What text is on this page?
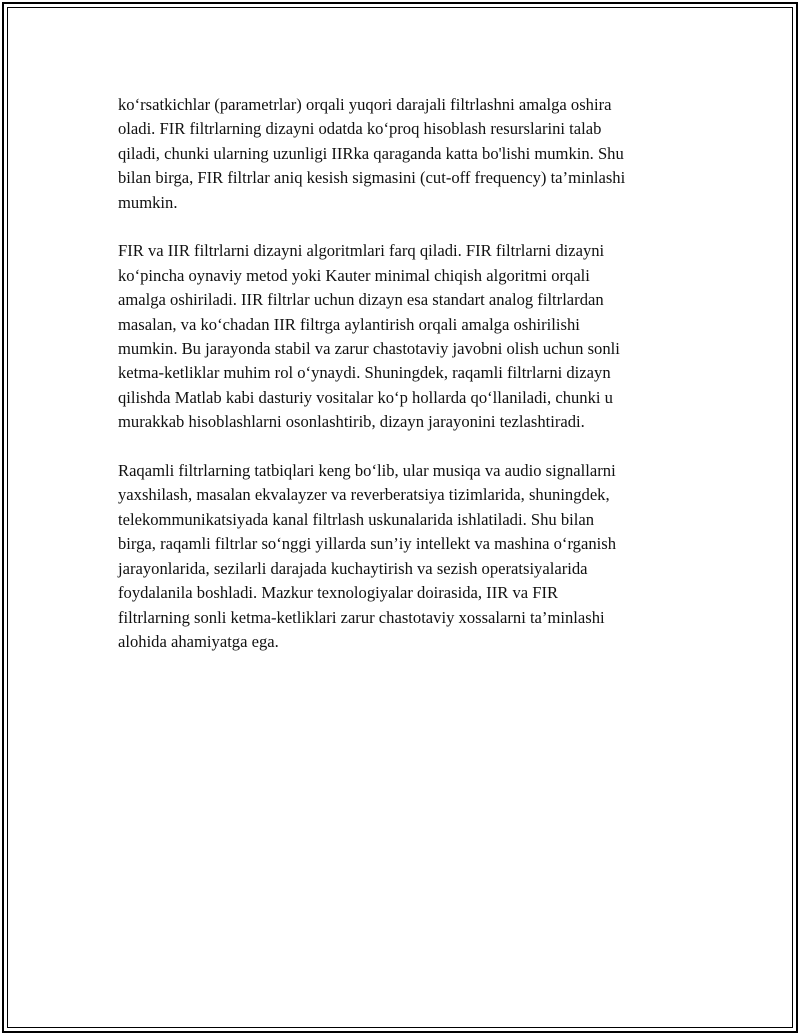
ko‘rsatkichlar (parametrlar) orqali yuqori darajali filtrlashni amalga oshira
oladi. FIR filtrlarning dizayni odatda ko‘proq hisoblash resurslarini talab
qiladi, chunki ularning uzunligi IIRka qaraganda katta bo'lishi mumkin. Shu
bilan birga, FIR filtrlar aniq kesish sigmasini (cut-off frequency) ta’minlashi
mumkin.

FIR va IIR filtrlarni dizayni algoritmlari farq qiladi. FIR filtrlarni dizayni
ko‘pincha oynaviy metod yoki Kauter minimal chiqish algoritmi orqali
amalga oshiriladi. IIR filtrlar uchun dizayn esa standart analog filtrlardan
masalan, va ko‘chadan IIR filtrga aylantirish orqali amalga oshirilishi
mumkin. Bu jarayonda stabil va zarur chastotaviy javobni olish uchun sonli
ketma-ketliklar muhim rol o‘ynaydi. Shuningdek, raqamli filtrlarni dizayn
qilishda Matlab kabi dasturiy vositalar ko‘p hollarda qo‘llaniladi, chunki u
murakkab hisoblashlarni osonlashtirib, dizayn jarayonini tezlashtiradi.

Raqamli filtrlarning tatbiqlari keng bo‘lib, ular musiqa va audio signallarni
yaxshilash, masalan ekvalayzer va reverberatsiya tizimlarida, shuningdek,
telekommunikatsiyada kanal filtrlash uskunalarida ishlatiladi. Shu bilan
birga, raqamli filtrlar so‘nggi yillarda sun’iy intellekt va mashina o‘rganish
jarayonlarida, sezilarli darajada kuchaytirish va sezish operatsiyalarida
foydalanila boshladi. Mazkur texnologiyalar doirasida, IIR va FIR
filtrlarning sonli ketma-ketliklari zarur chastotaviy xossalarni ta’minlashi
alohida ahamiyatga ega.
